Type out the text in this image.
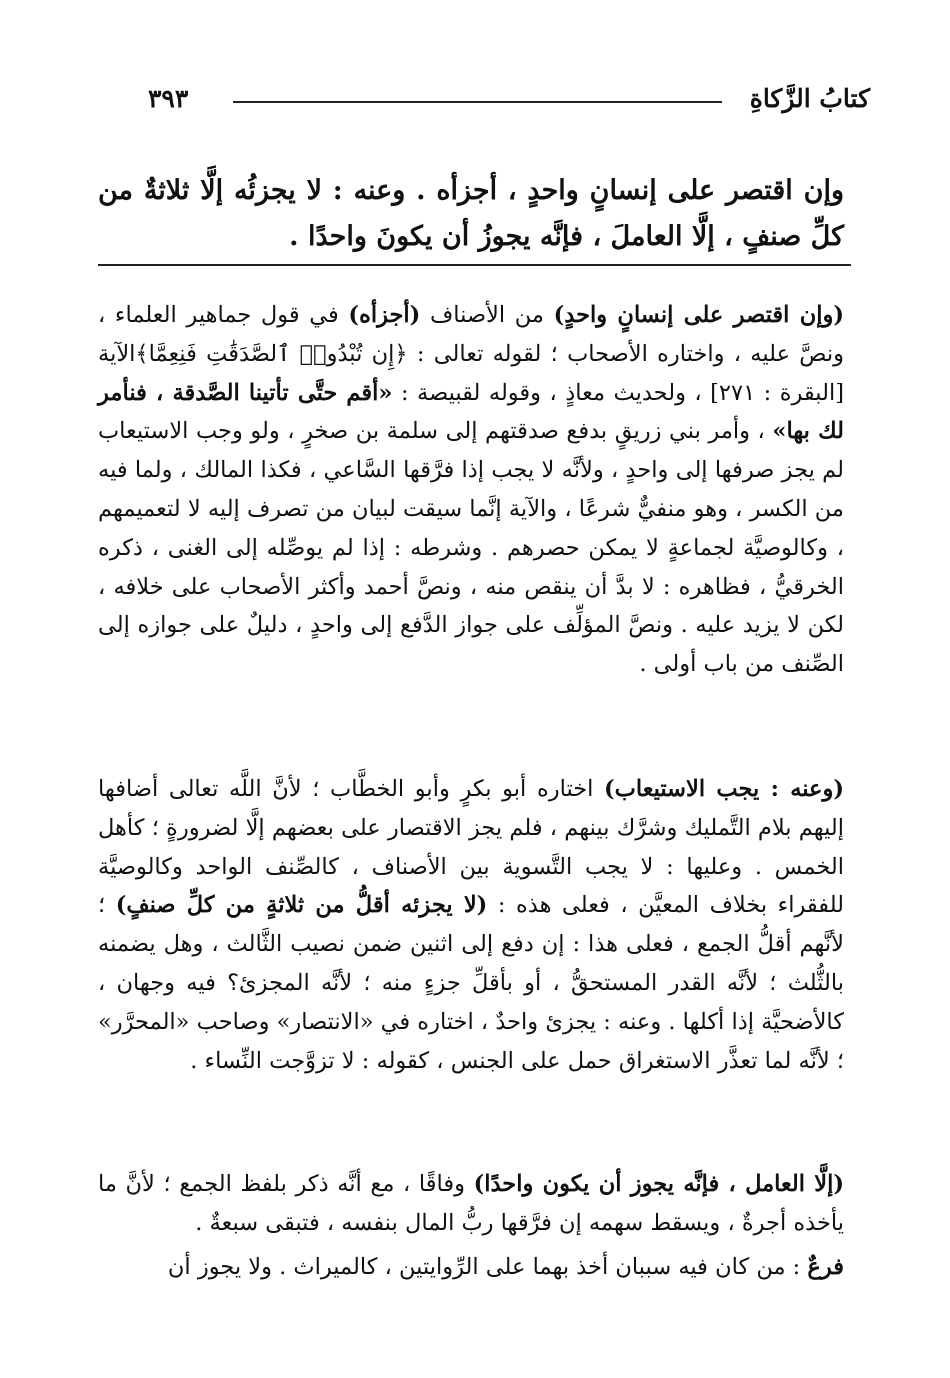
كتابُ الزَّكاةِ
٣٩٣
وإن اقتصر على إنسانٍ واحدٍ ، أجزأه . وعنه : لا يجزئُه إلَّا ثلاثةٌ من كلِّ صنفٍ ، إلَّا العاملَ ، فإنَّه يجوزُ أن يكونَ واحدًا .

(وإن اقتصر على إنسانٍ واحدٍ) من الأصناف (أجزأه) في قول جماهير العلماء ، ونصَّ عليه ، واختاره الأصحاب ؛ لقوله تعالى : ﴿إِن تُبْدُوا۟ ٱلصَّدَقَٰتِ فَنِعِمَّا﴾الآية [البقرة : ٢٧١] ، ولحديث معاذٍ ، وقوله لقبيصة : «أقم حتَّى تأتينا الصَّدقة ، فنأمر لك بها» ، وأمر بني زريقٍ بدفع صدقتهم إلى سلمة بن صخرٍ ، ولو وجب الاستيعاب لم يجز صرفها إلى واحدٍ ، ولأنَّه لا يجب إذا فرَّقها السَّاعي ، فكذا المالك ، ولما فيه من الكسر ، وهو منفيٌّ شرعًا ، والآية إنَّما سيقت لبيان من تصرف إليه لا لتعميمهم ، وكالوصيَّة لجماعةٍ لا يمكن حصرهم . وشرطه : إذا لم يوصِّله إلى الغنى ، ذكره الخرقيُّ ، فظاهره : لا بدَّ أن ينقص منه ، ونصَّ أحمد وأكثر الأصحاب على خلافه ، لكن لا يزيد عليه . ونصَّ المؤلِّف على جواز الدَّفع إلى واحدٍ ، دليلٌ على جوازه إلى الصِّنف من باب أولى .

(وعنه : يجب الاستيعاب) اختاره أبو بكرٍ وأبو الخطَّاب ؛ لأنَّ اللَّه تعالى أضافها إليهم بلام التَّمليك وشرَّك بينهم ، فلم يجز الاقتصار على بعضهم إلَّا لضرورةٍ ؛ كأهل الخمس . وعليها : لا يجب التَّسوية بين الأصناف ، كالصِّنف الواحد وكالوصيَّة للفقراء بخلاف المعيَّن ، فعلى هذه : (لا يجزئه أقلُّ من ثلاثةٍ من كلِّ صنفٍ) ؛ لأنَّهم أقلُّ الجمع ، فعلى هذا : إن دفع إلى اثنين ضمن نصيب الثَّالث ، وهل يضمنه بالثُّلث ؛ لأنَّه القدر المستحقُّ ، أو بأقلِّ جزءٍ منه ؛ لأنَّه المجزئ؟ فيه وجهان ، كالأضحيَّة إذا أكلها . وعنه : يجزئ واحدٌ ، اختاره في «الانتصار» وصاحب «المحرَّر» ؛ لأنَّه لما تعذَّر الاستغراق حمل على الجنس ، كقوله : لا تزوَّجت النِّساء .

(إلَّا العامل ، فإنَّه يجوز أن يكون واحدًا) وفاقًا ، مع أنَّه ذكر بلفظ الجمع ؛ لأنَّ ما يأخذه أجرةٌ ، ويسقط سهمه إن فرَّقها ربُّ المال بنفسه ، فتبقى سبعةٌ .

فرعٌ : من كان فيه سببان أخذ بهما على الرِّوايتين ، كالميراث . ولا يجوز أن
